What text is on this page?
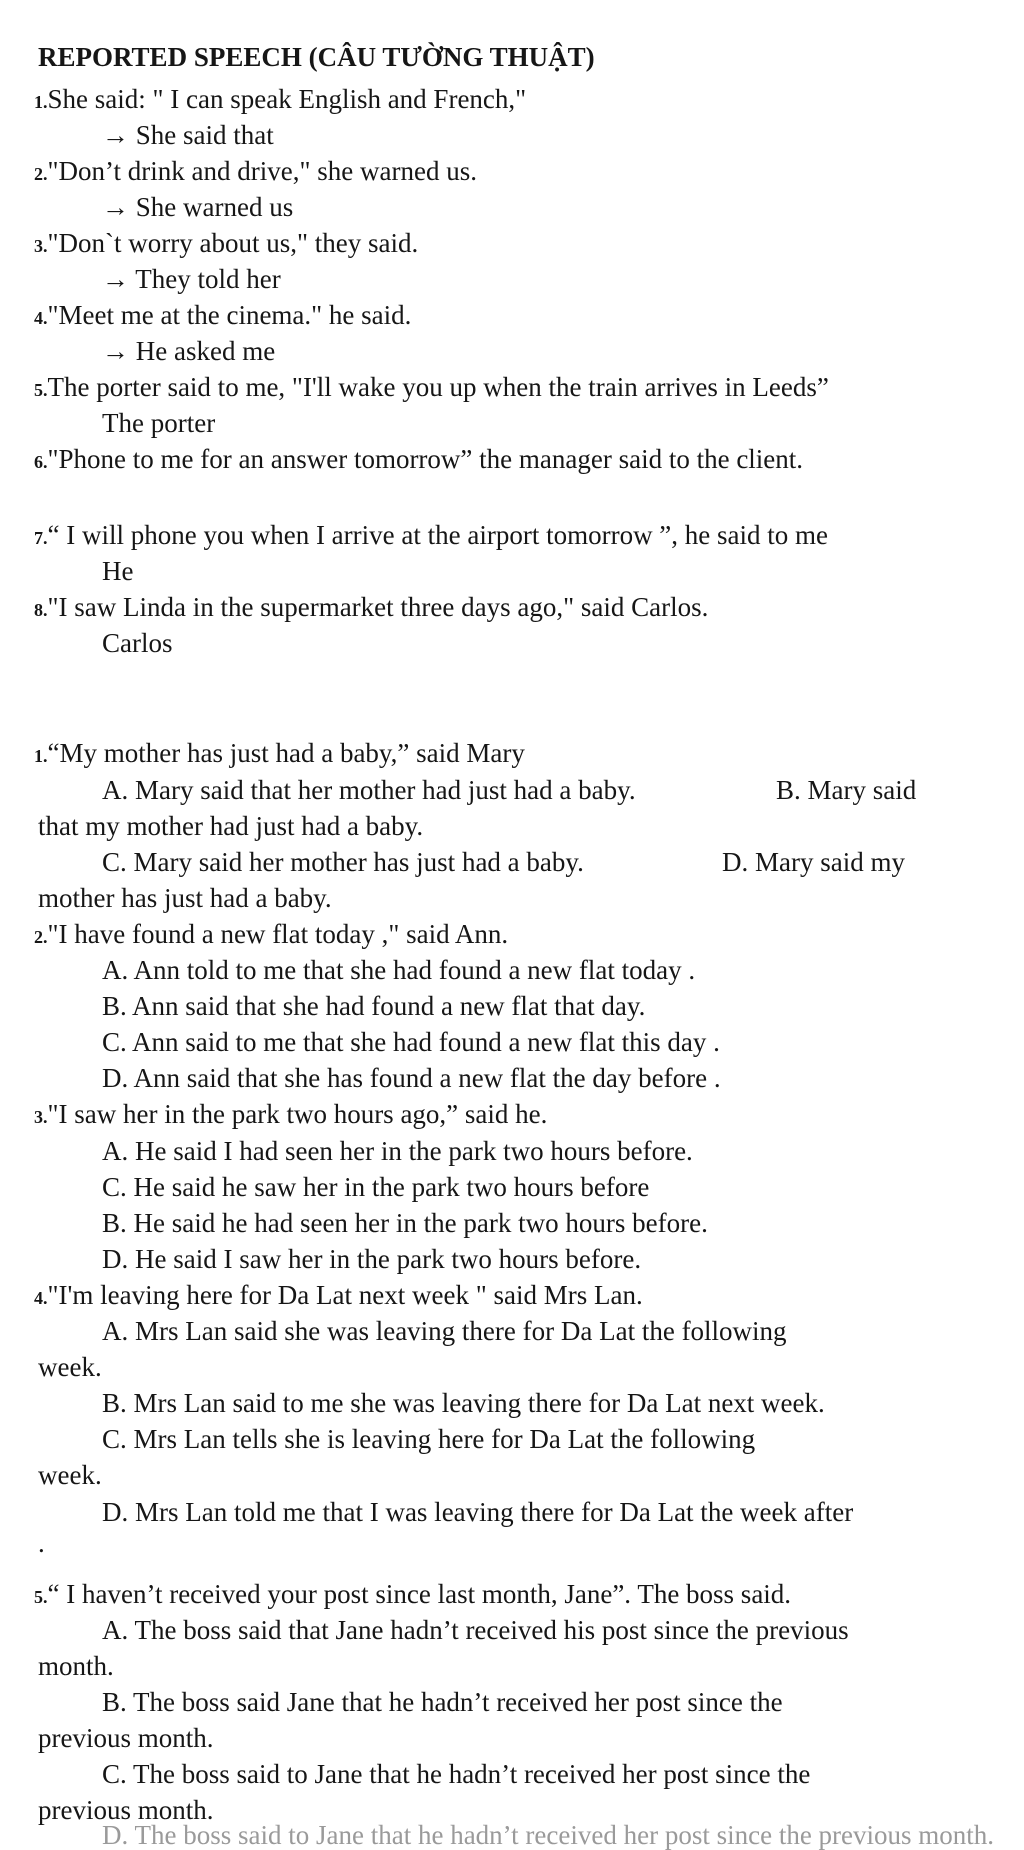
REPORTED SPEECH (CÂU TƯỜNG THUẬT)
1.She said: " I can speak English and French,"
→ She said that
2."Don’t drink and drive," she warned us.
→ She warned us
3."Don`t worry about us," they said.
→ They told her
4."Meet me at the cinema." he said.
→ He asked me
5.The porter said to me, "I'll wake you up when the train arrives in Leeds”
The porter
6."Phone to me for an answer tomorrow” the manager said to the client.
7.“ I will phone you when I arrive at the airport tomorrow ”, he said to me
He
8."I saw Linda in the supermarket three days ago," said Carlos.
Carlos
1.“My mother has just had a baby,” said Mary
A. Mary said that her mother had just had a baby.	B. Mary said
that my mother had just had a baby.
C. Mary said her mother has just had a baby.	D. Mary said my
mother has just had a baby.
2."I have found a new flat today ," said Ann.
A. Ann told to me that she had found a new flat today .
B. Ann said that she had found a new flat that day.
C. Ann said to me that she had found a new flat this day .
D. Ann said that she has found a new flat the day before .
3."I saw her in the park two hours ago,” said he.
A. He said I had seen her in the park two hours before.
C. He said he saw her in the park two hours before
B. He said he had seen her in the park two hours before.
D. He said I saw her in the park two hours before.
4."I'm leaving here for Da Lat next week " said Mrs Lan.
A. Mrs Lan said she was leaving there for Da Lat the following
week.
B. Mrs Lan said to me she was leaving there for Da Lat next week.
C. Mrs Lan tells she is leaving here for Da Lat the following
week.
D. Mrs Lan told me that I was leaving there for Da Lat the week after
.
5.“ I haven’t received your post since last month, Jane”. The boss said.
A. The boss said that Jane hadn’t received his post since the previous
month.
B. The boss said Jane that he hadn’t received her post since the
previous month.
C. The boss said to Jane that he hadn’t received her post since the
previous month.
D. The boss said to Jane that he hadn’t received her post since the previous month.
